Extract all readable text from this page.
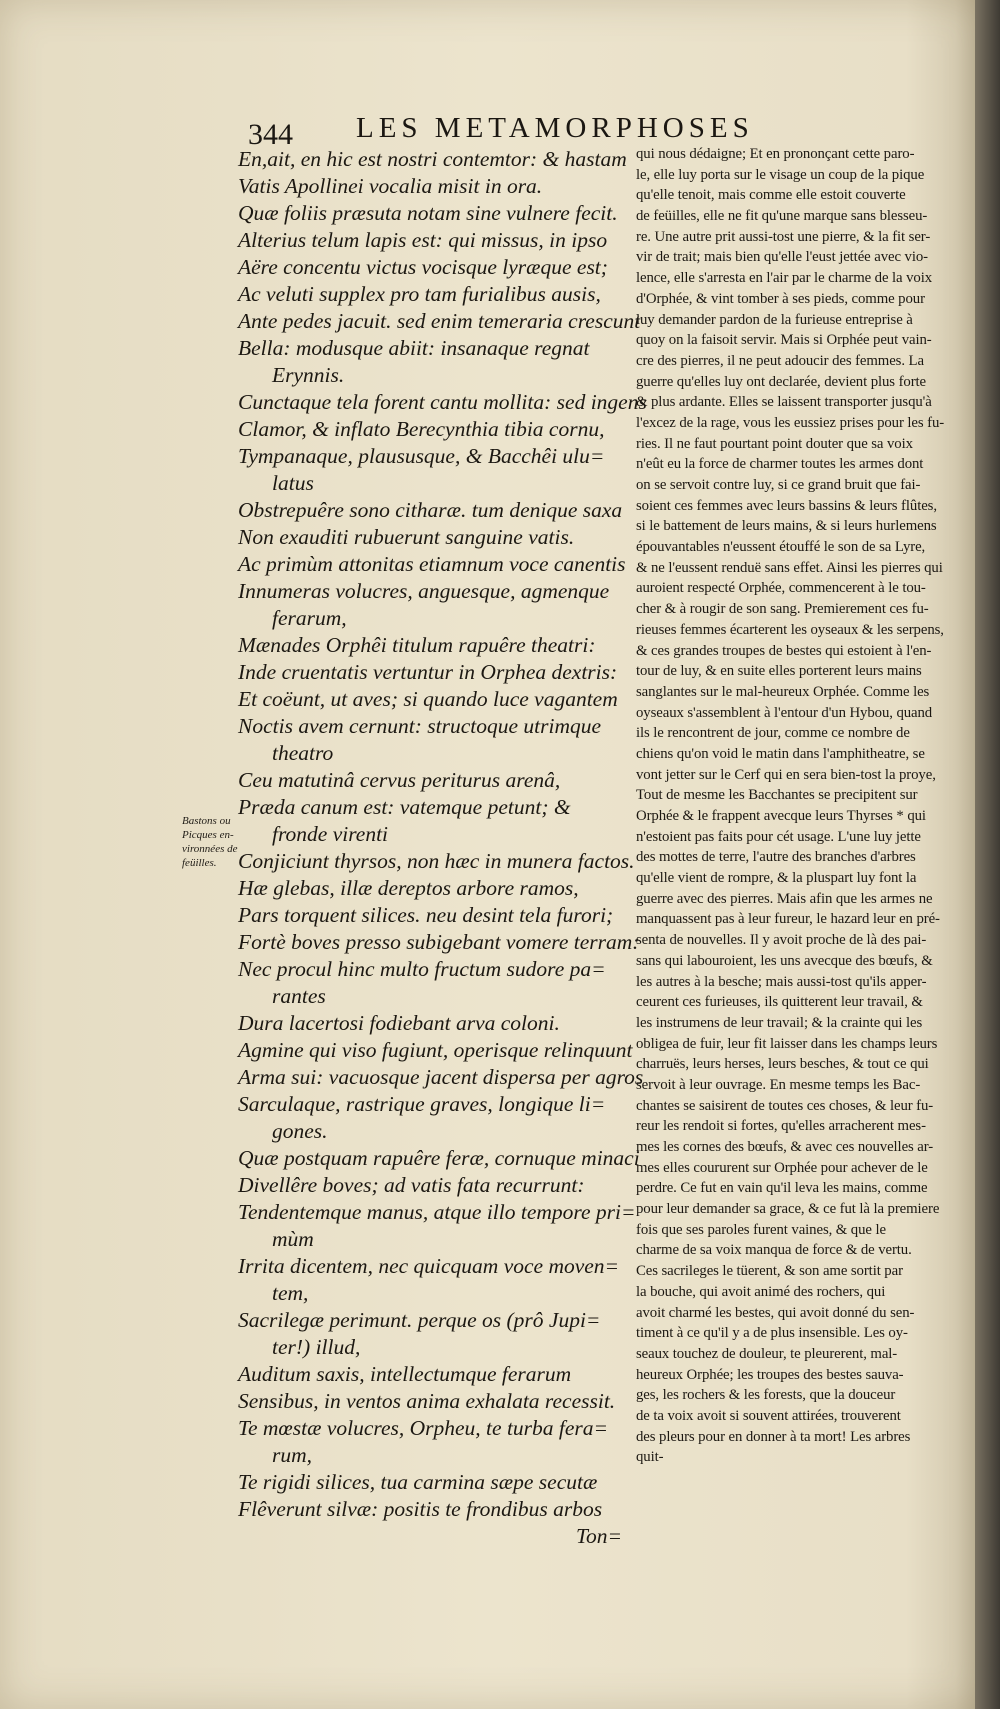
344 LES METAMORPHOSES
En,ait, en hic est nostri contemtor: & hastam
Vatis Apollinei vocalia misit in ora.
Quæ foliis præsuta notam sine vulnere fecit.
Alterius telum lapis est: qui missus, in ipso
Aëre concentu victus vocisque lyræque est;
Ac veluti supplex pro tam furialibus ausis,
Ante pedes jacuit. sed enim temeraria crescunt
Bella: modusque abiit: insanaque regnat
Erynnis.
Cunctaque tela forent cantu mollita: sed ingens
Clamor, & inflato Berecynthia tibia cornu,
Tympanaque, plaususque, & Bacchêi ulu=
latus
Obstrepuêre sono citharæ. tum denique saxa
Non exauditi rubuerunt sanguine vatis.
Ac primùm attonitas etiamnum voce canentis
Innumeras volucres, anguesque, agmenque
ferarum,
Mænades Orphêi titulum rapuêre theatri:
Inde cruentatis vertuntur in Orphea dextris:
Et coëunt, ut aves; si quando luce vagantem
Noctis avem cernunt: structoque utrimque
theatro
Ceu matutinâ cervus periturus arenâ,
Præda canum est: vatemque petunt; &
fronde virenti
Conjiciunt thyrsos, non hæc in munera factos.
Hæ glebas, illæ dereptos arbore ramos,
Pars torquent silices. neu desint tela furori;
Fortè boves presso subigebant vomere terram:
Nec procul hinc multo fructum sudore pa=
rantes
Dura lacertosi fodiebant arva coloni.
Agmine qui viso fugiunt, operisque relinquunt
Arma sui: vacuosque jacent dispersa per agros
Sarculaque, rastrique graves, longique li=
gones.
Quæ postquam rapuêre feræ, cornuque minaci
Divellêre boves; ad vatis fata recurrunt:
Tendentemque manus, atque illo tempore pri=
mùm
Irrita dicentem, nec quicquam voce moven=
tem,
Sacrilegæ perimunt. perque os (prô Jupi=
ter!) illud,
Auditum saxis, intellectumque ferarum
Sensibus, in ventos anima exhalata recessit.
Te mœstæ volucres, Orpheu, te turba fera=
rum,
Te rigidi silices, tua carmina sæpe secutæ
Flêverunt silvæ: positis te frondibus arbos
Ton=
Bastons ou
Picques en-
vironnées de
feüilles.
qui nous dédaigne; Et en prononçant cette paro-
le, elle luy porta sur le visage un coup de la pique
qu'elle tenoit, mais comme elle estoit couverte
de feüilles, elle ne fit qu'une marque sans blesseu-
re. Une autre prit aussi-tost une pierre, & la fit ser-
vir de trait; mais bien qu'elle l'eust jettée avec vio-
lence, elle s'arresta en l'air par le charme de la voix
d'Orphée, & vint tomber à ses pieds, comme pour
luy demander pardon de la furieuse entreprise à
quoy on la faisoit servir. Mais si Orphée peut vain-
cre des pierres, il ne peut adoucir des femmes. La
guerre qu'elles luy ont declarée, devient plus forte
& plus ardante. Elles se laissent transporter jusqu'à
l'excez de la rage, vous les eussiez prises pour les fu-
ries. Il ne faut pourtant point douter que sa voix
n'eût eu la force de charmer toutes les armes dont
on se servoit contre luy, si ce grand bruit que fai-
soient ces femmes avec leurs bassins & leurs flûtes,
si le battement de leurs mains, & si leurs hurlemens
épouvantables n'eussent étouffé le son de sa Lyre,
& ne l'eussent renduë sans effet. Ainsi les pierres qui
auroient respecté Orphée, commencerent à le tou-
cher & à rougir de son sang. Premierement ces fu-
rieuses femmes écarterent les oyseaux & les serpens,
& ces grandes troupes de bestes qui estoient à l'en-
tour de luy, & en suite elles porterent leurs mains
sanglantes sur le mal-heureux Orphée. Comme les
oyseaux s'assemblent à l'entour d'un Hybou, quand
ils le rencontrent de jour, comme ce nombre de
chiens qu'on void le matin dans l'amphitheatre, se
vont jetter sur le Cerf qui en sera bien-tost la proye,
Tout de mesme les Bacchantes se precipitent sur
Orphée & le frappent avecque leurs Thyrses * qui
n'estoient pas faits pour cét usage. L'une luy jette
des mottes de terre, l'autre des branches d'arbres
qu'elle vient de rompre, & la pluspart luy font la
guerre avec des pierres. Mais afin que les armes ne
manquassent pas à leur fureur, le hazard leur en pré-
senta de nouvelles. Il y avoit proche de là des pai-
sans qui labouroient, les uns avecque des bœufs, &
les autres à la besche; mais aussi-tost qu'ils apper-
ceurent ces furieuses, ils quitterent leur travail, &
les instrumens de leur travail; & la crainte qui les
obligea de fuir, leur fit laisser dans les champs leurs
charruës, leurs herses, leurs besches, & tout ce qui
servoit à leur ouvrage. En mesme temps les Bac-
chantes se saisirent de toutes ces choses, & leur fu-
reur les rendoit si fortes, qu'elles arracherent mes-
mes les cornes des bœufs, & avec ces nouvelles ar-
mes elles coururent sur Orphée pour achever de le
perdre. Ce fut en vain qu'il leva les mains, comme
pour leur demander sa grace, & ce fut là la premiere
fois que ses paroles furent vaines, & que le
charme de sa voix manqua de force & de vertu.
Ces sacrileges le tüerent, & son ame sortit par
la bouche, qui avoit animé des rochers, qui
avoit charmé les bestes, qui avoit donné du sen-
timent à ce qu'il y a de plus insensible. Les oy-
seaux touchez de douleur, te pleurerent, mal-
heureux Orphée; les troupes des bestes sauva-
ges, les rochers & les forests, que la douceur
de ta voix avoit si souvent attirées, trouverent
des pleurs pour en donner à ta mort! Les arbres
quit-
